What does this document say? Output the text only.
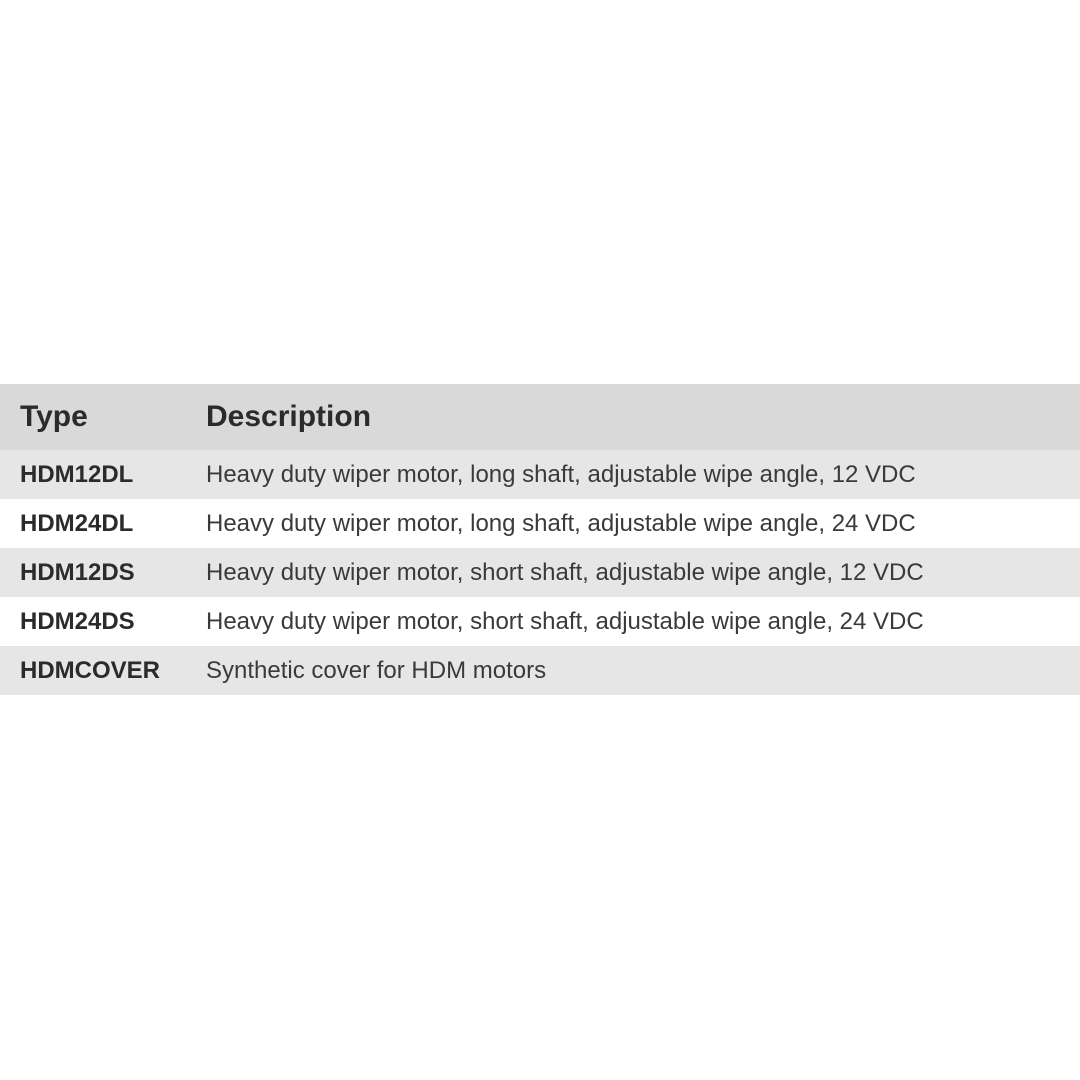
Type	Description
HDM12DL	Heavy duty wiper motor, long shaft, adjustable wipe angle, 12 VDC
HDM24DL	Heavy duty wiper motor, long shaft, adjustable wipe angle, 24 VDC
HDM12DS	Heavy duty wiper motor, short shaft, adjustable wipe angle, 12 VDC
HDM24DS	Heavy duty wiper motor, short shaft, adjustable wipe angle, 24 VDC
HDMCOVER	Synthetic cover for HDM motors
